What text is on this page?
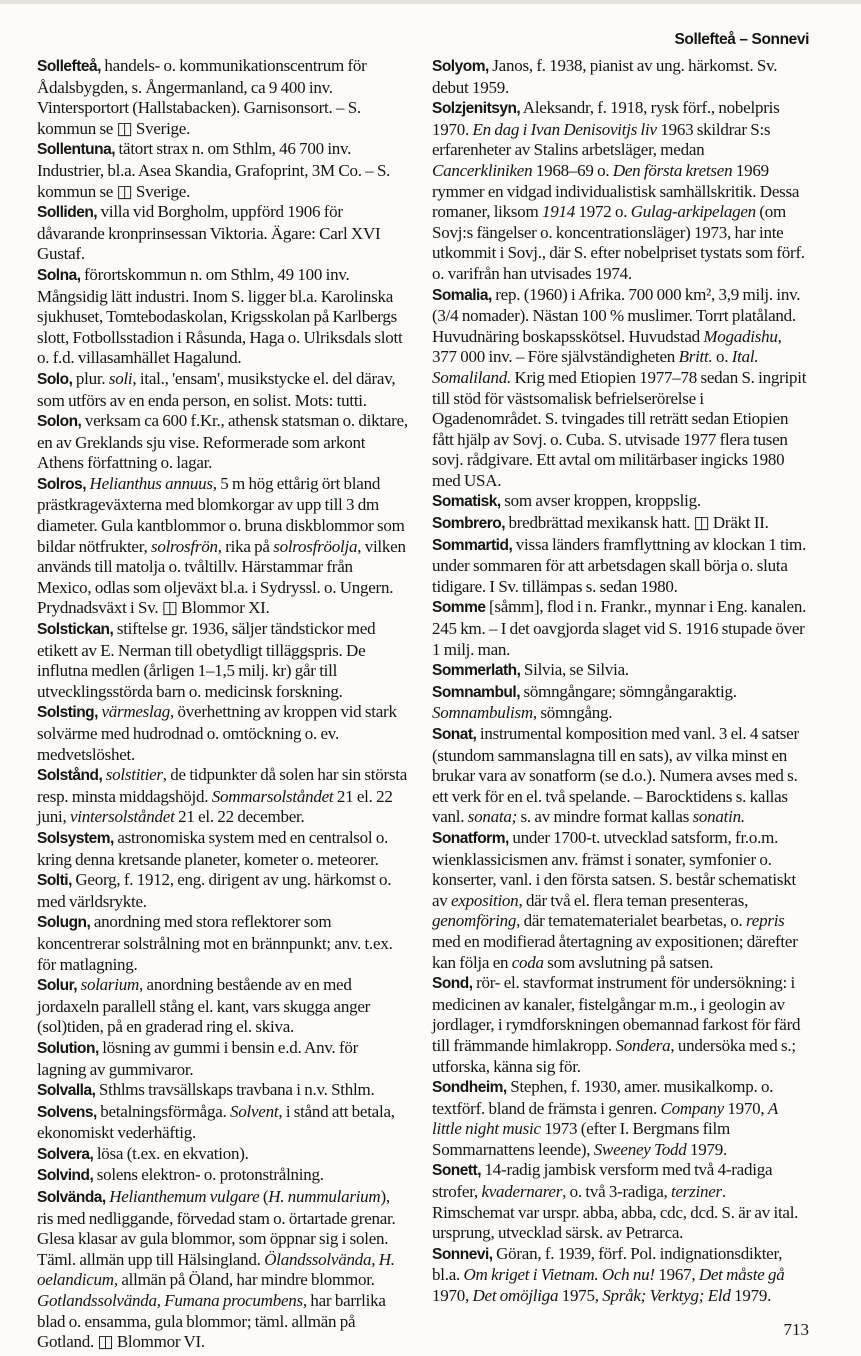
Sollefteå – Sonnevi

Sollefteå, handels- o. kommunikationscentrum för Ådalsbygden, s. Ångermanland, ca 9 400 inv. Vintersportort (Hallstabacken). Garnisonsort. – S. kommun se ◫ Sverige.

Sollentuna, tätort strax n. om Sthlm, 46 700 inv. Industrier, bl.a. Asea Skandia, Grafoprint, 3M Co. – S. kommun se ◫ Sverige.

Solliden, villa vid Borgholm, uppförd 1906 för dåvarande kronprinsessan Viktoria. Ägare: Carl XVI Gustaf.

Solna, förortskommun n. om Sthlm, 49 100 inv. Mångsidig lätt industri. Inom S. ligger bl.a. Karolinska sjukhuset, Tomtebodaskolan, Krigsskolan på Karlbergs slott, Fotbollsstadion i Råsunda, Haga o. Ulriksdals slott o. f.d. villasamhället Hagalund.

Solo, plur. soli, ital., 'ensam', musikstycke el. del därav, som utförs av en enda person, en solist. Mots: tutti.

Solon, verksam ca 600 f.Kr., athensk statsman o. diktare, en av Greklands sju vise. Reformerade som arkont Athens författning o. lagar.

Solros, Helianthus annuus, 5 m hög ettårig ört bland prästkrageväxterna med blomkorgar av upp till 3 dm diameter. Gula kantblommor o. bruna diskblommor som bildar nötfrukter, solrosfrön, rika på solrosfröolja, vilken används till matolja o. tvåltillv. Härstammar från Mexico, odlas som oljeväxt bl.a. i Sydryssl. o. Ungern. Prydnadsväxt i Sv. ◫ Blommor XI.

Solstickan, stiftelse gr. 1936, säljer tändstickor med etikett av E. Nerman till obetydligt tilläggspris. De influtna medlen (årligen 1–1,5 milj. kr) går till utvecklingsstörda barn o. medicinsk forskning.

Solsting, värmeslag, överhettning av kroppen vid stark solvärme med hudrodnad o. omtöckning o. ev. medvetslöshet.

Solstånd, solstitier, de tidpunkter då solen har sin största resp. minsta middagshöjd. Sommarsolståndet 21 el. 22 juni, vintersolståndet 21 el. 22 december.

Solsystem, astronomiska system med en centralsol o. kring denna kretsande planeter, kometer o. meteorer.

Solti, Georg, f. 1912, eng. dirigent av ung. härkomst o. med världsrykte.

Solugn, anordning med stora reflektorer som koncentrerar solstrålning mot en brännpunkt; anv. t.ex. för matlagning.

Solur, solarium, anordning bestående av en med jordaxeln parallell stång el. kant, vars skugga anger (sol)tiden, på en graderad ring el. skiva.

Solution, lösning av gummi i bensin e.d. Anv. för lagning av gummivaror.

Solvalla, Sthlms travsällskaps travbana i n.v. Sthlm.

Solvens, betalningsförmåga. Solvent, i stånd att betala, ekonomiskt vederhäftig.

Solvera, lösa (t.ex. en ekvation).

Solvind, solens elektron- o. protonstrålning.

Solvända, Helianthemum vulgare (H. nummularium), ris med nedliggande, förvedad stam o. örtartade grenar. Glesa klasar av gula blommor, som öppnar sig i solen. Täml. allmän upp till Hälsingland. Ölandssolvända, H. oelandicum, allmän på Öland, har mindre blommor. Gotlandssolvända, Fumana procumbens, har barrlika blad o. ensamma, gula blommor; täml. allmän på Gotland. ◫ Blommor VI.

Solyom, Janos, f. 1938, pianist av ung. härkomst. Sv. debut 1959.

Solzjenitsyn, Aleksandr, f. 1918, rysk förf., nobelpris 1970. En dag i Ivan Denisovitjs liv 1963 skildrar S:s erfarenheter av Stalins arbetsläger, medan Cancerkliniken 1968–69 o. Den första kretsen 1969 rymmer en vidgad individualistisk samhällskritik. Dessa romaner, liksom 1914 1972 o. Gulag-arkipelagen (om Sovj:s fängelser o. koncentrationsläger) 1973, har inte utkommit i Sovj., där S. efter nobelpriset tystats som förf. o. varifrån han utvisades 1974.

Somalia, rep. (1960) i Afrika. 700 000 km², 3,9 milj. inv. (3/4 nomader). Nästan 100 % muslimer. Torrt platåland. Huvudnäring boskapsskötsel. Huvudstad Mogadishu, 377 000 inv. – Före självständigheten Britt. o. Ital. Somaliland. Krig med Etiopien 1977–78 sedan S. ingripit till stöd för västsomalisk befrielserörelse i Ogadenområdet. S. tvingades till reträtt sedan Etiopien fått hjälp av Sovj. o. Cuba. S. utvisade 1977 flera tusen sovj. rådgivare. Ett avtal om militärbaser ingicks 1980 med USA.

Somatisk, som avser kroppen, kroppslig.

Sombrero, bredbrättad mexikansk hatt. ◫ Dräkt II.

Sommartid, vissa länders framflyttning av klockan 1 tim. under sommaren för att arbetsdagen skall börja o. sluta tidigare. I Sv. tillämpas s. sedan 1980.

Somme [såmm], flod i n. Frankr., mynnar i Eng. kanalen. 245 km. – I det oavgjorda slaget vid S. 1916 stupade över 1 milj. man.

Sommerlath, Silvia, se Silvia.

Somnambul, sömngångare; sömngångaraktig. Somnambulism, sömngång.

Sonat, instrumental komposition med vanl. 3 el. 4 satser (stundom sammanslagna till en sats), av vilka minst en brukar vara av sonatform (se d.o.). Numera avses med s. ett verk för en el. två spelande. – Barocktidens s. kallas vanl. sonata; s. av mindre format kallas sonatin.

Sonatform, under 1700-t. utvecklad satsform, fr.o.m. wienklassicismen anv. främst i sonater, symfonier o. konserter, vanl. i den första satsen. S. består schematiskt av exposition, där två el. flera teman presenteras, genomföring, där tematematerialet bearbetas, o. repris med en modifierad återtagning av expositionen; därefter kan följa en coda som avslutning på satsen.

Sond, rör- el. stavformat instrument för undersökning: i medicinen av kanaler, fistelgångar m.m., i geologin av jordlager, i rymdforskningen obemannad farkost för färd till främmande himlakropp. Sondera, undersöka med s.; utforska, känna sig för.

Sondheim, Stephen, f. 1930, amer. musikalkomp. o. textförf. bland de främsta i genren. Company 1970, A little night music 1973 (efter I. Bergmans film Sommarnattens leende), Sweeney Todd 1979.

Sonett, 14-radig jambisk versform med två 4-radiga strofer, kvadernarer, o. två 3-radiga, terziner. Rimschemat var urspr. abba, abba, cdc, dcd. S. är av ital. ursprung, utvecklad särsk. av Petrarca.

Sonnevi, Göran, f. 1939, förf. Pol. indignationsdikter, bl.a. Om kriget i Vietnam. Och nu! 1967, Det måste gå 1970, Det omöjliga 1975, Språk; Verktyg; Eld 1979.

713
